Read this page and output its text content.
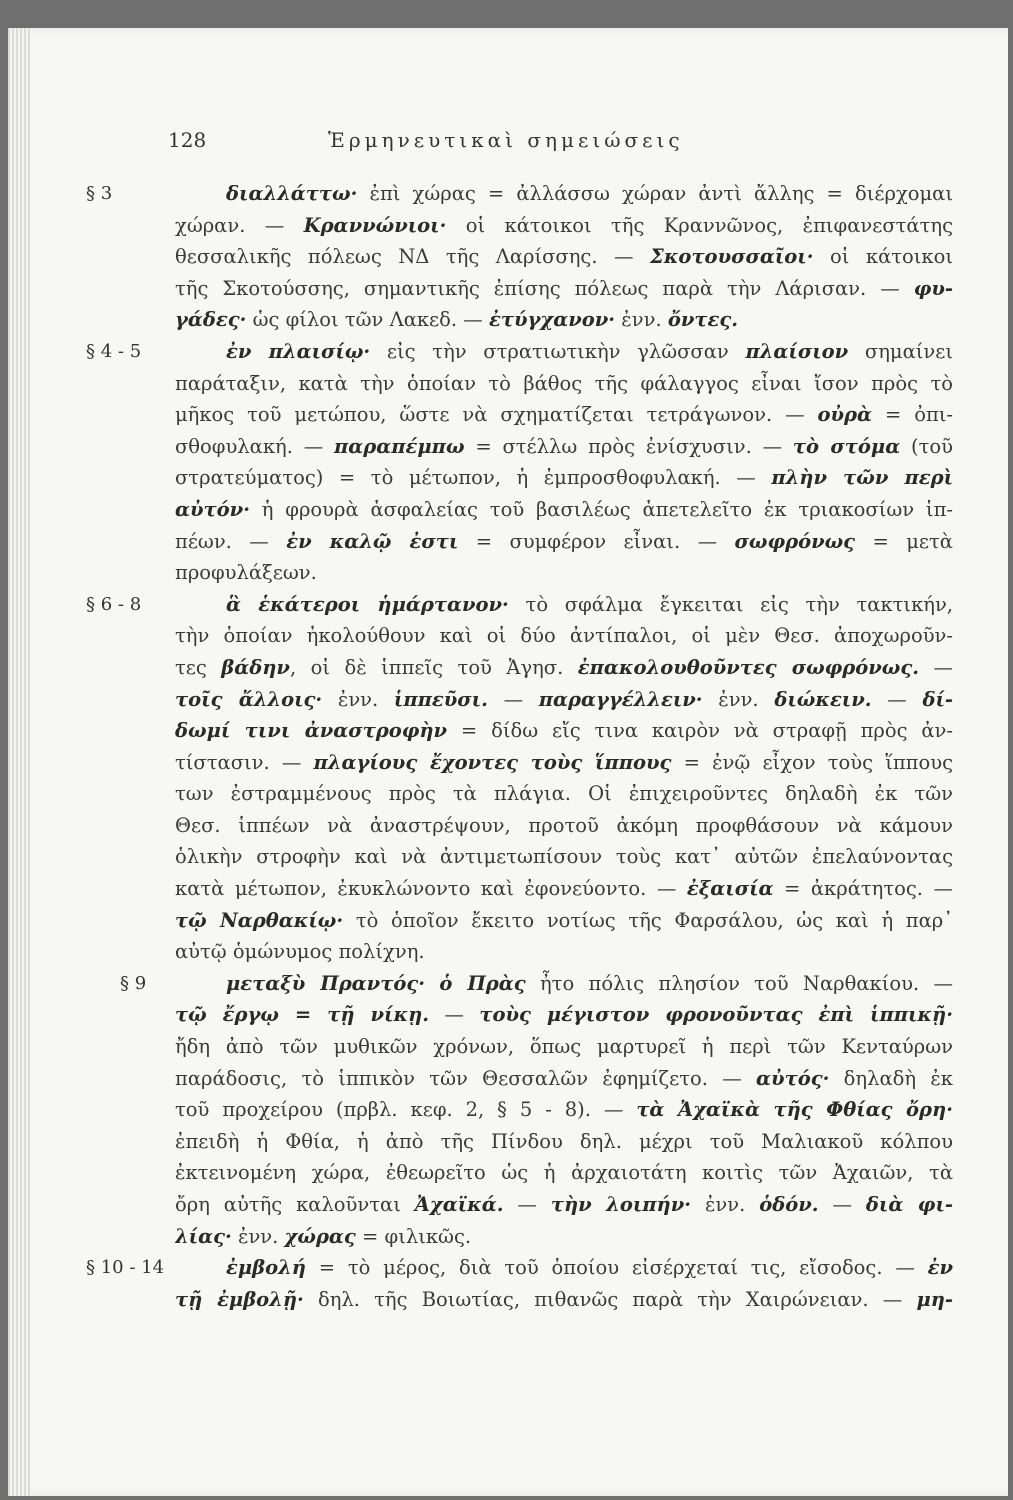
128	Ἑρμηνευτικαὶ σημειώσεις
§ 3	διαλλάττω· ἐπὶ χώρας = ἀλλάσσω χώραν ἀντὶ ἄλλης = διέρχομαι
χώραν. — Κραννώνιοι· οἱ κάτοικοι τῆς Κραννῶνος, ἐπιφανεστάτης
θεσσαλικῆς πόλεως ΝΔ τῆς Λαρίσσης. — Σκοτουσσαῖοι· οἱ κάτοικοι
τῆς Σκοτούσσης, σημαντικῆς ἐπίσης πόλεως παρὰ τὴν Λάρισαν. — φυ-
γάδες· ὡς φίλοι τῶν Λακεδ. — ἐτύγχανον· ἐνν. ὄντες.
§ 4 - 5	ἐν πλαισίῳ· εἰς τὴν στρατιωτικὴν γλῶσσαν πλαίσιον σημαίνει
παράταξιν, κατὰ τὴν ὁποίαν τὸ βάθος τῆς φάλαγγος εἶναι ἴσον πρὸς τὸ
μῆκος τοῦ μετώπου, ὥστε νὰ σχηματίζεται τετράγωνον. — οὐρὰ = ὀπι-
σθοφυλακή. — παραπέμπω = στέλλω πρὸς ἐνίσχυσιν. — τὸ στόμα (τοῦ
στρατεύματος) = τὸ μέτωπον, ἡ ἐμπροσθοφυλακή. — πλὴν τῶν περὶ
αὐτόν· ἡ φρουρὰ ἀσφαλείας τοῦ βασιλέως ἀπετελεῖτο ἐκ τριακοσίων ἱπ-
πέων. — ἐν καλῷ ἐστι = συμφέρον εἶναι. — σωφρόνως = μετὰ
προφυλάξεων.
§ 6 - 8	ἃ ἑκάτεροι ἡμάρτανον· τὸ σφάλμα ἔγκειται εἰς τὴν τακτικήν,
τὴν ὁποίαν ἠκολούθουν καὶ οἱ δύο ἀντίπαλοι, οἱ μὲν Θεσ. ἀποχωροῦν-
τες βάδην, οἱ δὲ ἱππεῖς τοῦ Ἀγησ. ἐπακολουθοῦντες σωφρόνως. —
τοῖς ἄλλοις· ἐνν. ἱππεῦσι. — παραγγέλλειν· ἐνν. διώκειν. — δί-
δωμί τινι ἀναστροφὴν = δίδω εἴς τινα καιρὸν νὰ στραφῇ πρὸς ἀν-
τίστασιν. — πλαγίους ἔχοντες τοὺς ἵππους = ἐνῷ εἶχον τοὺς ἵππους
των ἐστραμμένους πρὸς τὰ πλάγια. Οἱ ἐπιχειροῦντες δηλαδὴ ἐκ τῶν
Θεσ. ἱππέων νὰ ἀναστρέψουν, προτοῦ ἀκόμη προφθάσουν νὰ κάμουν
ὁλικὴν στροφὴν καὶ νὰ ἀντιμετωπίσουν τοὺς κατ᾿ αὐτῶν ἐπελαύνοντας
κατὰ μέτωπον, ἐκυκλώνοντο καὶ ἐφονεύοντο. — ἐξαισία = ἀκράτητος. —
τῷ Ναρθακίῳ· τὸ ὁποῖον ἔκειτο νοτίως τῆς Φαρσάλου, ὡς καὶ ἡ παρ᾿
αὐτῷ ὁμώνυμος πολίχνη.
§ 9	μεταξὺ Πραντός· ὁ Πρὰς ἦτο πόλις πλησίον τοῦ Ναρθακίου. —
τῷ ἔργῳ = τῇ νίκῃ. — τοὺς μέγιστον φρονοῦντας ἐπὶ ἱππικῇ·
ἤδη ἀπὸ τῶν μυθικῶν χρόνων, ὅπως μαρτυρεῖ ἡ περὶ τῶν Κενταύρων
παράδοσις, τὸ ἱππικὸν τῶν Θεσσαλῶν ἐφημίζετο. — αὐτός· δηλαδὴ ἐκ
τοῦ προχείρου (πρβλ. κεφ. 2, § 5 - 8). — τὰ Ἀχαϊκὰ τῆς Φθίας ὄρη·
ἐπειδὴ ἡ Φθία, ἡ ἀπὸ τῆς Πίνδου δηλ. μέχρι τοῦ Μαλιακοῦ κόλπου
ἐκτεινομένη χώρα, ἐθεωρεῖτο ὡς ἡ ἀρχαιοτάτη κοιτὶς τῶν Ἀχαιῶν, τὰ
ὄρη αὐτῆς καλοῦνται Ἀχαϊκά. — τὴν λοιπήν· ἐνν. ὁδόν. — διὰ φι-
λίας· ἐνν. χώρας = φιλικῶς.
§ 10 - 14	ἐμβολή = τὸ μέρος, διὰ τοῦ ὁποίου εἰσέρχεταί τις, εἴσοδος. — ἐν
τῇ ἐμβολῇ· δηλ. τῆς Βοιωτίας, πιθανῶς παρὰ τὴν Χαιρώνειαν. — μη-
